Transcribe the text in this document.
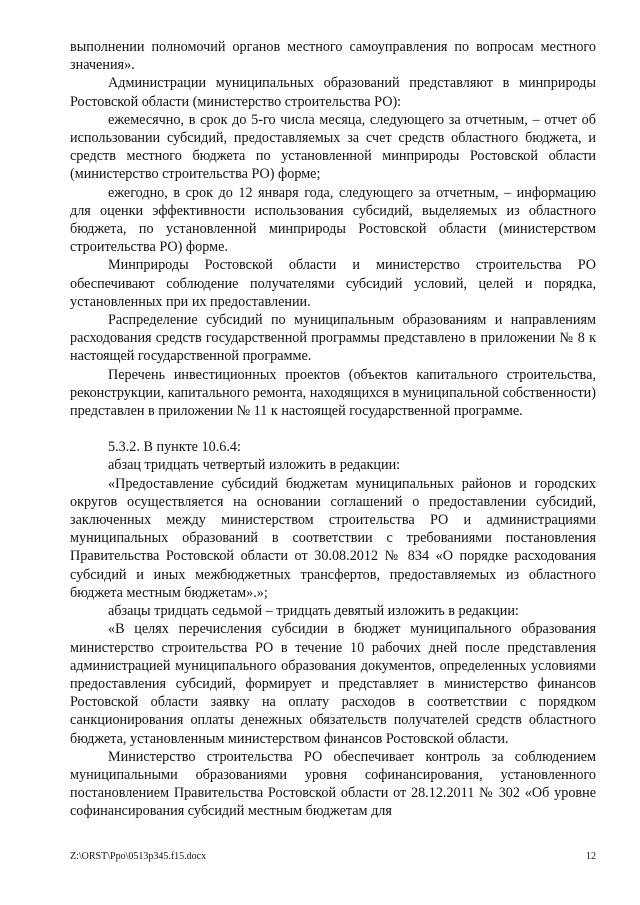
выполнении полномочий органов местного самоуправления по вопросам местного значения».

Администрации муниципальных образований представляют в минприроды Ростовской области (министерство строительства РО):

ежемесячно, в срок до 5-го числа месяца, следующего за отчетным, – отчет об использовании субсидий, предоставляемых за счет средств областного бюджета, и средств местного бюджета по установленной минприроды Ростовской области (министерство строительства РО) форме;

ежегодно, в срок до 12 января года, следующего за отчетным, – информацию для оценки эффективности использования субсидий, выделяемых из областного бюджета, по установленной минприроды Ростовской области (министерством строительства РО) форме.

Минприроды Ростовской области и министерство строительства РО обеспечивают соблюдение получателями субсидий условий, целей и порядка, установленных при их предоставлении.

Распределение субсидий по муниципальным образованиям и направлениям расходования средств государственной программы представлено в приложении № 8 к настоящей государственной программе.

Перечень инвестиционных проектов (объектов капитального строительства, реконструкции, капитального ремонта, находящихся в муниципальной собственности) представлен в приложении № 11 к настоящей государственной программе.

5.3.2. В пункте 10.6.4:

абзац тридцать четвертый изложить в редакции:

«Предоставление субсидий бюджетам муниципальных районов и городских округов осуществляется на основании соглашений о предоставлении субсидий, заключенных между министерством строительства РО и администрациями муниципальных образований в соответствии с требованиями постановления Правительства Ростовской области от 30.08.2012 № 834 «О порядке расходования субсидий и иных межбюджетных трансфертов, предоставляемых из областного бюджета местным бюджетам».»;

абзацы тридцать седьмой – тридцать девятый изложить в редакции:

«В целях перечисления субсидии в бюджет муниципального образования министерство строительства РО в течение 10 рабочих дней после представления администрацией муниципального образования документов, определенных условиями предоставления субсидий, формирует и представляет в министерство финансов Ростовской области заявку на оплату расходов в соответствии с порядком санкционирования оплаты денежных обязательств получателей средств областного бюджета, установленным министерством финансов Ростовской области.

Министерство строительства РО обеспечивает контроль за соблюдением муниципальными образованиями уровня софинансирования, установленного постановлением Правительства Ростовской области от 28.12.2011 № 302 «Об уровне софинансирования субсидий местным бюджетам для

Z:\ORST\Ppo\0513p345.f15.docx	12
